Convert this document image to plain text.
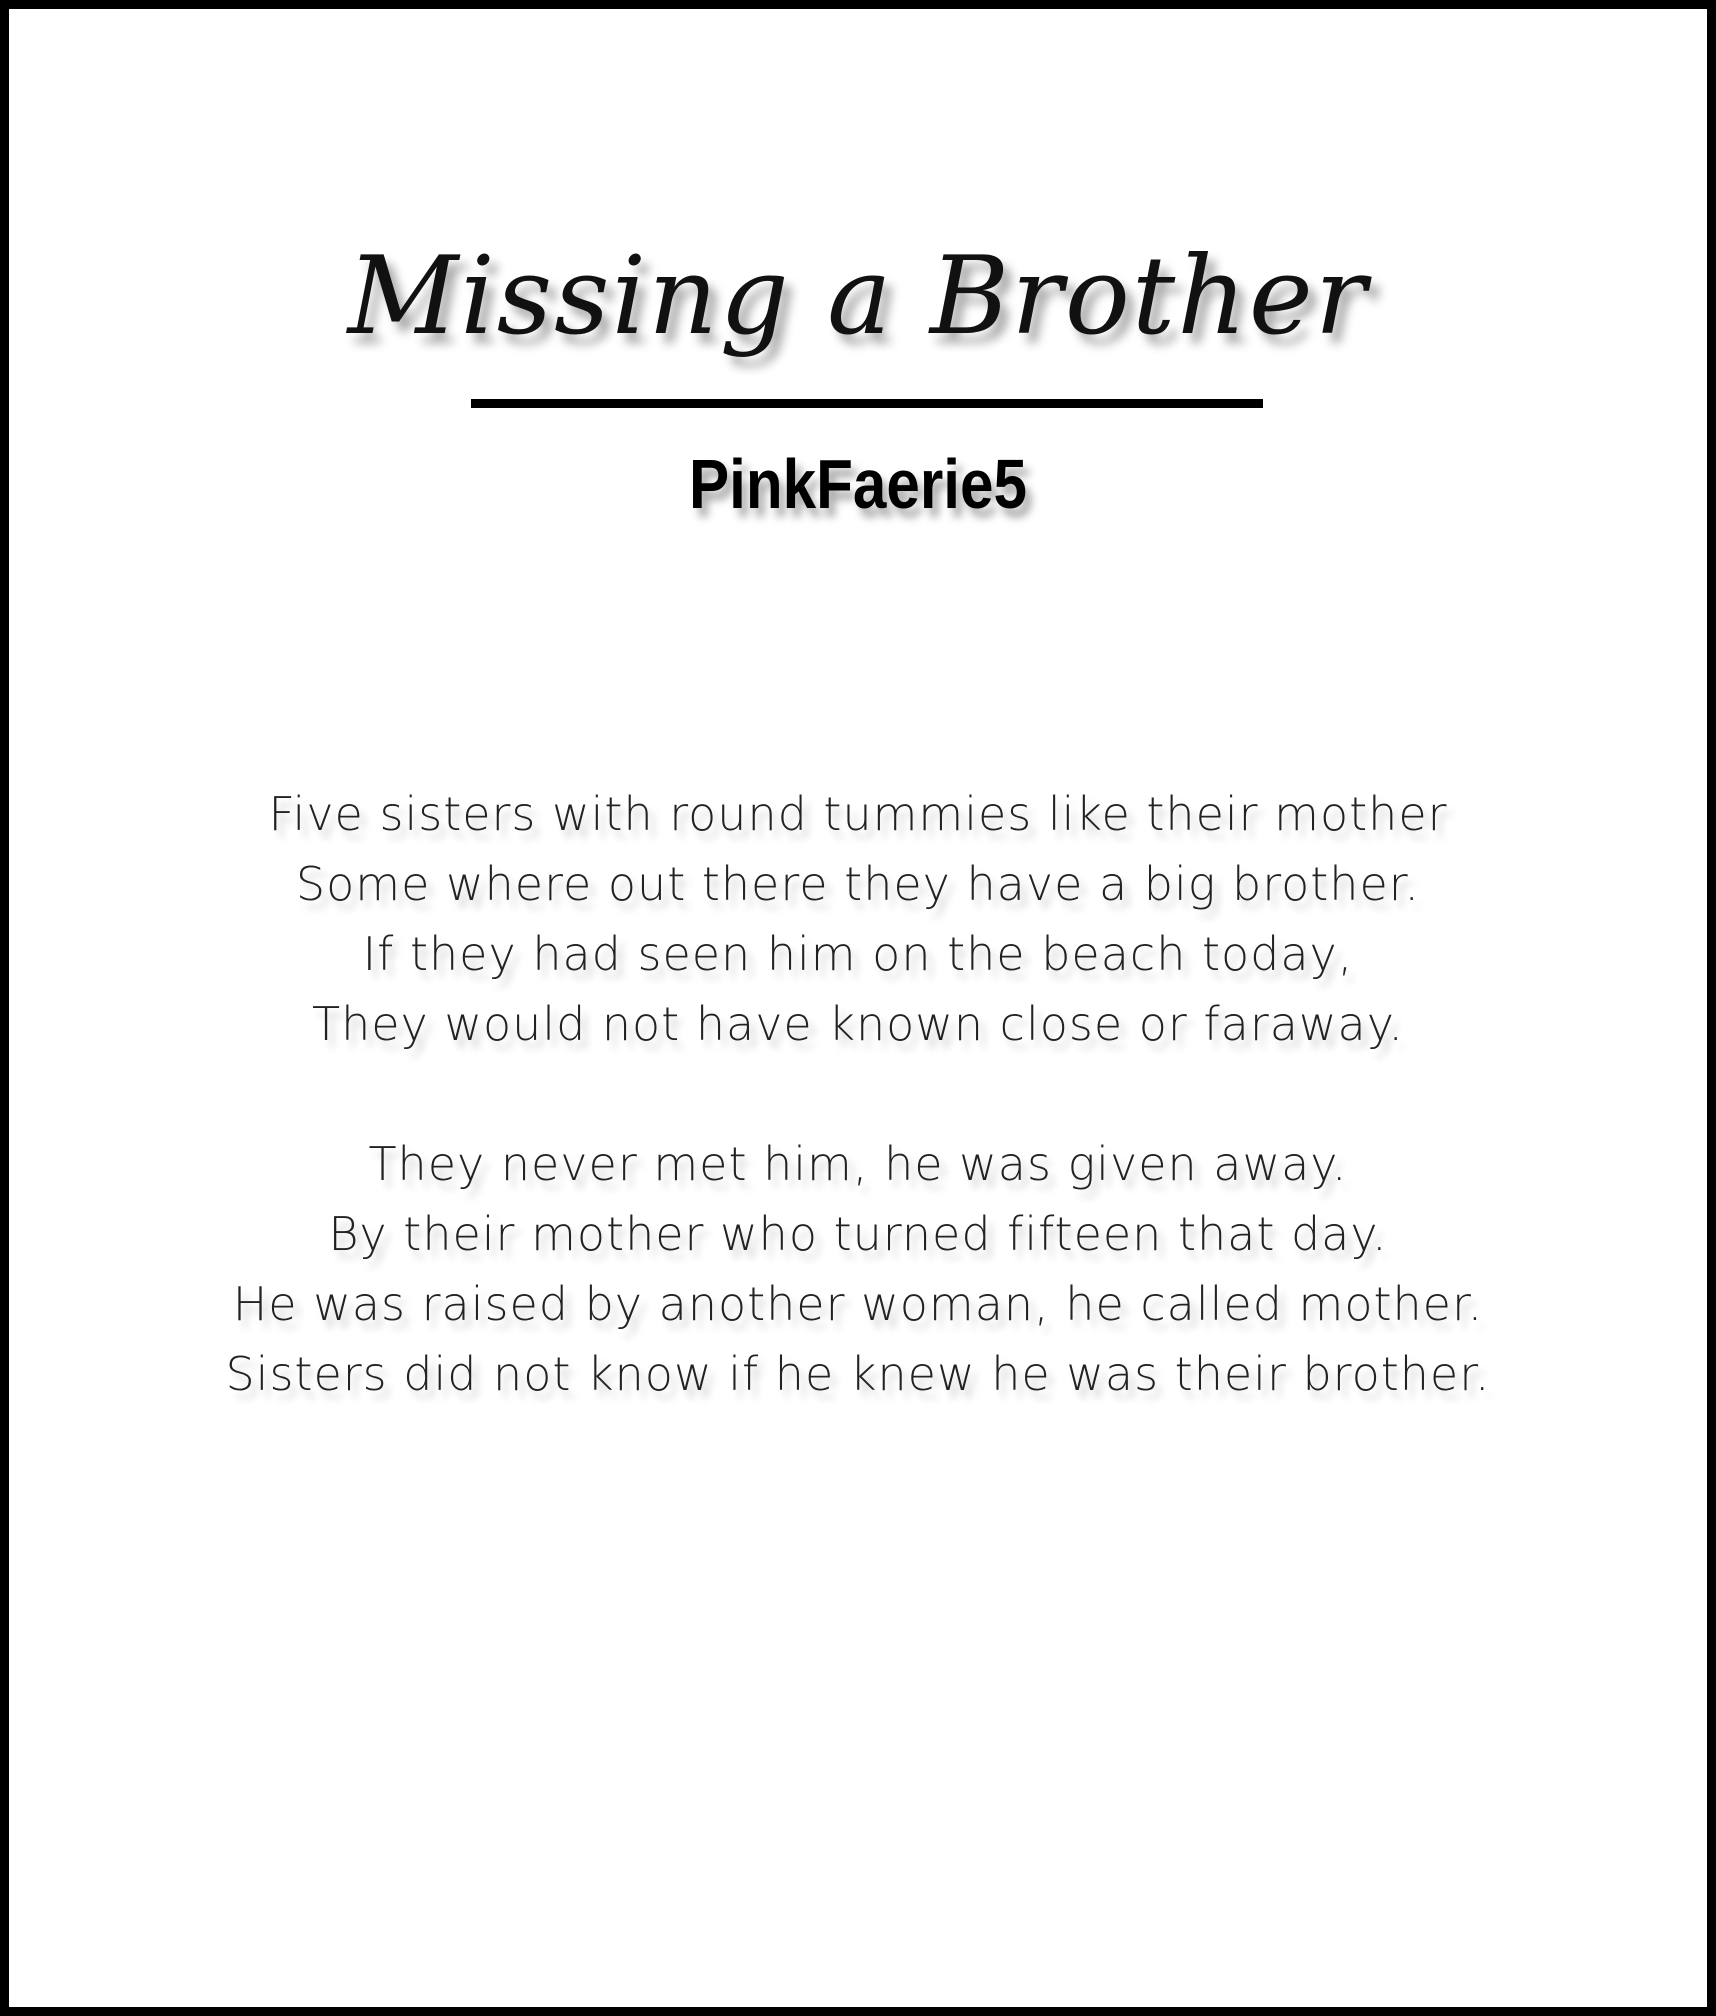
Missing a Brother
PinkFaerie5
Five sisters with round tummies like their mother
Some where out there they have a big brother.
If they had seen him on the beach today,
They would not have known close or faraway.
They never met him, he was given away.
By their mother who turned fifteen that day.
He was raised by another woman, he called mother.
Sisters did not know if he knew he was their brother.
